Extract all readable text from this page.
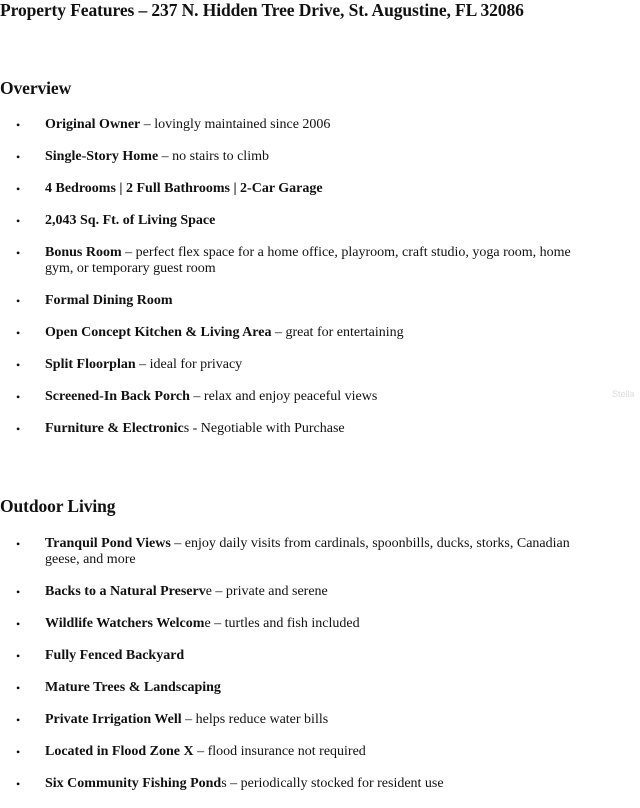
Property Features – 237 N. Hidden Tree Drive, St. Augustine, FL 32086
Overview
• Original Owner – lovingly maintained since 2006
• Single-Story Home – no stairs to climb
• 4 Bedrooms | 2 Full Bathrooms | 2-Car Garage
• 2,043 Sq. Ft. of Living Space
• Bonus Room – perfect flex space for a home office, playroom, craft studio, yoga room, home gym, or temporary guest room
• Formal Dining Room
• Open Concept Kitchen & Living Area – great for entertaining
• Split Floorplan – ideal for privacy
• Screened-In Back Porch – relax and enjoy peaceful views
• Furniture & Electronics - Negotiable with Purchase
Outdoor Living
• Tranquil Pond Views – enjoy daily visits from cardinals, spoonbills, ducks, storks, Canadian geese, and more
• Backs to a Natural Preserve – private and serene
• Wildlife Watchers Welcome – turtles and fish included
• Fully Fenced Backyard
• Mature Trees & Landscaping
• Private Irrigation Well – helps reduce water bills
• Located in Flood Zone X – flood insurance not required
• Six Community Fishing Ponds – periodically stocked for resident use
Stella
